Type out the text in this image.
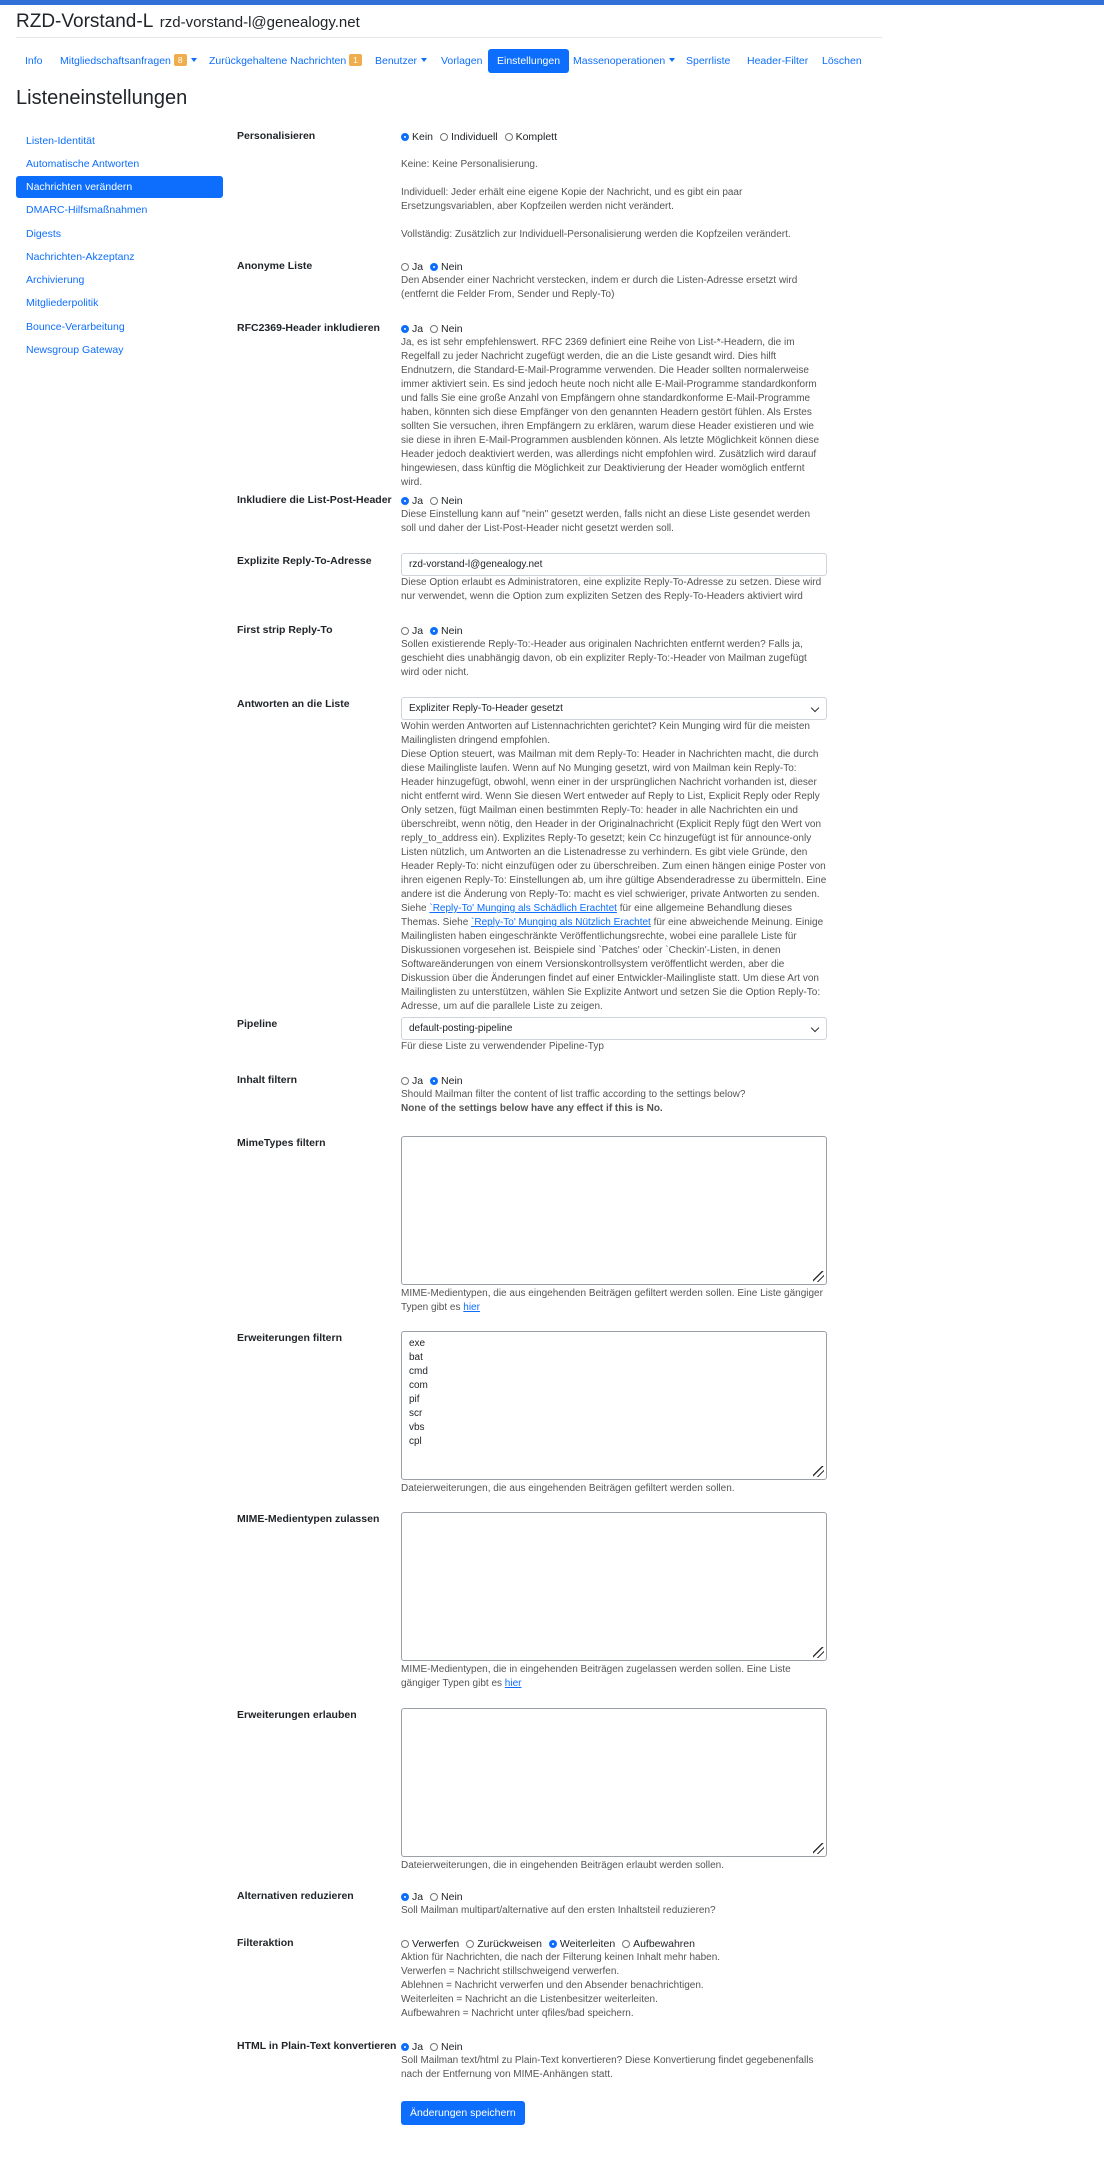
RZD-Vorstand-L rzd-vorstand-l@genealogy.net
Info	Mitgliedschaftsanfragen 8	Zurückgehaltene Nachrichten 1	Benutzer	Vorlagen	Einstellungen	Massenoperationen	Sperrliste	Header-Filter	Löschen
Listeneinstellungen
Listen-Identität
Automatische Antworten
Nachrichten verändern
DMARC-Hilfsmaßnahmen
Digests
Nachrichten-Akzeptanz
Archivierung
Mitgliederpolitik
Bounce-Verarbeitung
Newsgroup Gateway
Personalisieren	Kein Individuell Komplett

Keine: Keine Personalisierung.

Individuell: Jeder erhält eine eigene Kopie der Nachricht, und es gibt ein paar Ersetzungsvariablen, aber Kopfzeilen werden nicht verändert.

Vollständig: Zusätzlich zur Individuell-Personalisierung werden die Kopfzeilen verändert.

Anonyme Liste	Ja Nein
Den Absender einer Nachricht verstecken, indem er durch die Listen-Adresse ersetzt wird (entfernt die Felder From, Sender und Reply-To)
RFC2369-Header inkludieren	Ja Nein
Ja, es ist sehr empfehlenswert. RFC 2369 definiert eine Reihe von List-*-Headern, die im Regelfall zu jeder Nachricht zugefügt werden, die an die Liste gesandt wird. Dies hilft Endnutzern, die Standard-E-Mail-Programme verwenden. Die Header sollten normalerweise immer aktiviert sein. Es sind jedoch heute noch nicht alle E-Mail-Programme standardkonform und falls Sie eine große Anzahl von Empfängern ohne standardkonforme E-Mail-Programme haben, könnten sich diese Empfänger von den genannten Headern gestört fühlen. Als Erstes sollten Sie versuchen, ihren Empfängern zu erklären, warum diese Header existieren und wie sie diese in ihren E-Mail-Programmen ausblenden können. Als letzte Möglichkeit können diese Header jedoch deaktiviert werden, was allerdings nicht empfohlen wird. Zusätzlich wird darauf hingewiesen, dass künftig die Möglichkeit zur Deaktivierung der Header womöglich entfernt wird.
Inkludiere die List-Post-Header	Ja Nein
Diese Einstellung kann auf "nein" gesetzt werden, falls nicht an diese Liste gesendet werden soll und daher der List-Post-Header nicht gesetzt werden soll.
Explizite Reply-To-Adresse	rzd-vorstand-l@genealogy.net
Diese Option erlaubt es Administratoren, eine explizite Reply-To-Adresse zu setzen. Diese wird nur verwendet, wenn die Option zum expliziten Setzen des Reply-To-Headers aktiviert wird
First strip Reply-To	Ja Nein
Sollen existierende Reply-To:-Header aus originalen Nachrichten entfernt werden? Falls ja, geschieht dies unabhängig davon, ob ein expliziter Reply-To:-Header von Mailman zugefügt wird oder nicht.
Antworten an die Liste	Expliziter Reply-To-Header gesetzt

Wohin werden Antworten auf Listennachrichten gerichtet? Kein Munging wird für die meisten Mailinglisten dringend empfohlen.

Diese Option steuert, was Mailman mit dem Reply-To: Header in Nachrichten macht, die durch diese Mailingliste laufen. Wenn auf No Munging gesetzt, wird von Mailman kein Reply-To: Header hinzugefügt, obwohl, wenn einer in der ursprünglichen Nachricht vorhanden ist, dieser nicht entfernt wird. Wenn Sie diesen Wert entweder auf Reply to List, Explicit Reply oder Reply Only setzen, fügt Mailman einen bestimmten Reply-To: header in alle Nachrichten ein und überschreibt, wenn nötig, den Header in der Originalnachricht (Explicit Reply fügt den Wert von reply_to_address ein). Explizites Reply-To gesetzt; kein Cc hinzugefügt ist für announce-only Listen nützlich, um Antworten an die Listenadresse zu verhindern. Es gibt viele Gründe, den Header Reply-To: nicht einzufügen oder zu überschreiben. Zum einen hängen einige Poster von ihren eigenen Reply-To: Einstellungen ab, um ihre gültige Absenderadresse zu übermitteln. Eine andere ist die Änderung von Reply-To: macht es viel schwieriger, private Antworten zu senden. Siehe `Reply-To' Munging als Schädlich Erachtet für eine allgemeine Behandlung dieses Themas. Siehe `Reply-To' Munging als Nützlich Erachtet für eine abweichende Meinung. Einige Mailinglisten haben eingeschränkte Veröffentlichungsrechte, wobei eine parallele Liste für Diskussionen vorgesehen ist. Beispiele sind `Patches' oder `Checkin'-Listen, in denen Softwareänderungen von einem Versionskontrollsystem veröffentlicht werden, aber die Diskussion über die Änderungen findet auf einer Entwickler-Mailingliste statt. Um diese Art von Mailinglisten zu unterstützen, wählen Sie Explizite Antwort und setzen Sie die Option Reply-To: Adresse, um auf die parallele Liste zu zeigen.

Pipeline	default-posting-pipeline
Für diese Liste zu verwendender Pipeline-Typ
Inhalt filtern	Ja Nein

Should Mailman filter the content of list traffic according to the settings below?

None of the settings below have any effect if this is No.

MimeTypes filtern
MIME-Medientypen, die aus eingehenden Beiträgen gefiltert werden sollen. Eine Liste gängiger Typen gibt es hier
Erweiterungen filtern	exe
bat
cmd
com
pif
scr
vbs
cpl
Dateierweiterungen, die aus eingehenden Beiträgen gefiltert werden sollen.
MIME-Medientypen zulassen
MIME-Medientypen, die in eingehenden Beiträgen zugelassen werden sollen. Eine Liste gängiger Typen gibt es hier
Erweiterungen erlauben
Dateierweiterungen, die in eingehenden Beiträgen erlaubt werden sollen.
Alternativen reduzieren	Ja Nein
Soll Mailman multipart/alternative auf den ersten Inhaltsteil reduzieren?
Filteraktion	Verwerfen Zurückweisen Weiterleiten Aufbewahren

Aktion für Nachrichten, die nach der Filterung keinen Inhalt mehr haben.

Verwerfen = Nachricht stillschweigend verwerfen.

Ablehnen = Nachricht verwerfen und den Absender benachrichtigen.

Weiterleiten = Nachricht an die Listenbesitzer weiterleiten.

Aufbewahren = Nachricht unter qfiles/bad speichern.

HTML in Plain-Text konvertieren	Ja Nein
Soll Mailman text/html zu Plain-Text konvertieren? Diese Konvertierung findet gegebenenfalls nach der Entfernung von MIME-Anhängen statt.
Änderungen speichern
